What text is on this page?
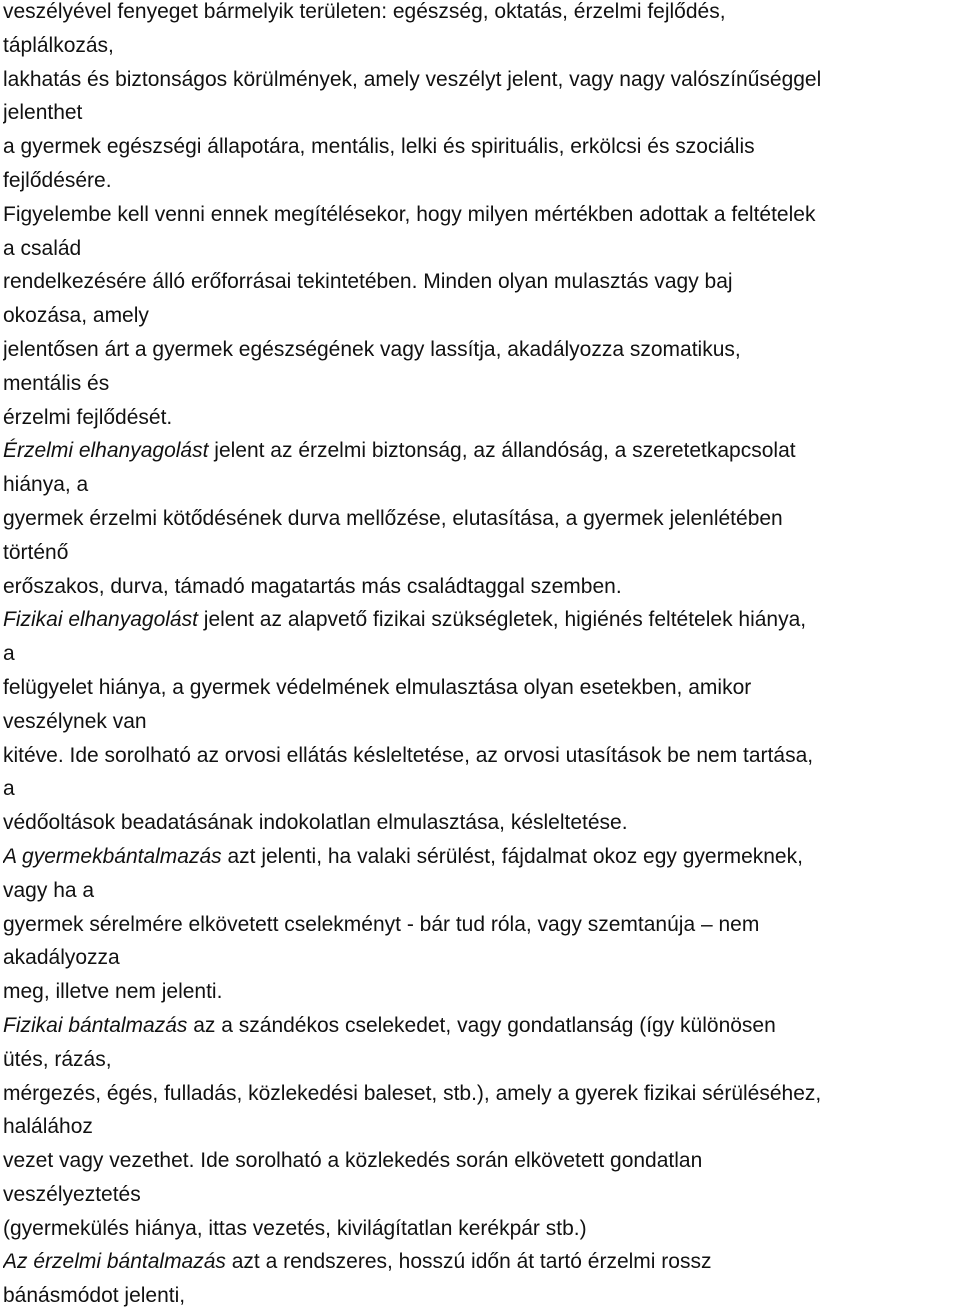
veszélyével fenyeget bármelyik területen: egészség, oktatás, érzelmi fejlődés,
táplálkozás,
lakhatás és biztonságos körülmények, amely veszélyt jelent, vagy nagy valószínűséggel
jelenthet
a gyermek egészségi állapotára, mentális, lelki és spirituális, erkölcsi és szociális
fejlődésére.
Figyelembe kell venni ennek megítélésekor, hogy milyen mértékben adottak a feltételek
a család
rendelkezésére álló erőforrásai tekintetében. Minden olyan mulasztás vagy baj
okozása, amely
jelentősen árt a gyermek egészségének vagy lassítja, akadályozza szomatikus,
mentális és
érzelmi fejlődését.
Érzelmi elhanyagolást jelent az érzelmi biztonság, az állandóság, a szeretetkapcsolat
hiánya, a
gyermek érzelmi kötődésének durva mellőzése, elutasítása, a gyermek jelenlétében
történő
erőszakos, durva, támadó magatartás más családtaggal szemben.
Fizikai elhanyagolást jelent az alapvető fizikai szükségletek, higiénés feltételek hiánya,
a
felügyelet hiánya, a gyermek védelmének elmulasztása olyan esetekben, amikor
veszélynek van
kitéve. Ide sorolható az orvosi ellátás késleltetése, az orvosi utasítások be nem tartása,
a
védőoltások beadatásának indokolatlan elmulasztása, késleltetése.
A gyermekbántalmazás azt jelenti, ha valaki sérülést, fájdalmat okoz egy gyermeknek,
vagy ha a
gyermek sérelmére elkövetett cselekményt - bár tud róla, vagy szemtanúja – nem
akadályozza
meg, illetve nem jelenti.
Fizikai bántalmazás az a szándékos cselekedet, vagy gondatlanság (így különösen
ütés, rázás,
mérgezés, égés, fulladás, közlekedési baleset, stb.), amely a gyerek fizikai sérüléséhez,
halálához
vezet vagy vezethet. Ide sorolható a közlekedés során elkövetett gondatlan
veszélyeztetés
(gyermekülés hiánya, ittas vezetés, kivilágítatlan kerékpár stb.)
Az érzelmi bántalmazás azt a rendszeres, hosszú időn át tartó érzelmi rossz
bánásmódot jelenti,
